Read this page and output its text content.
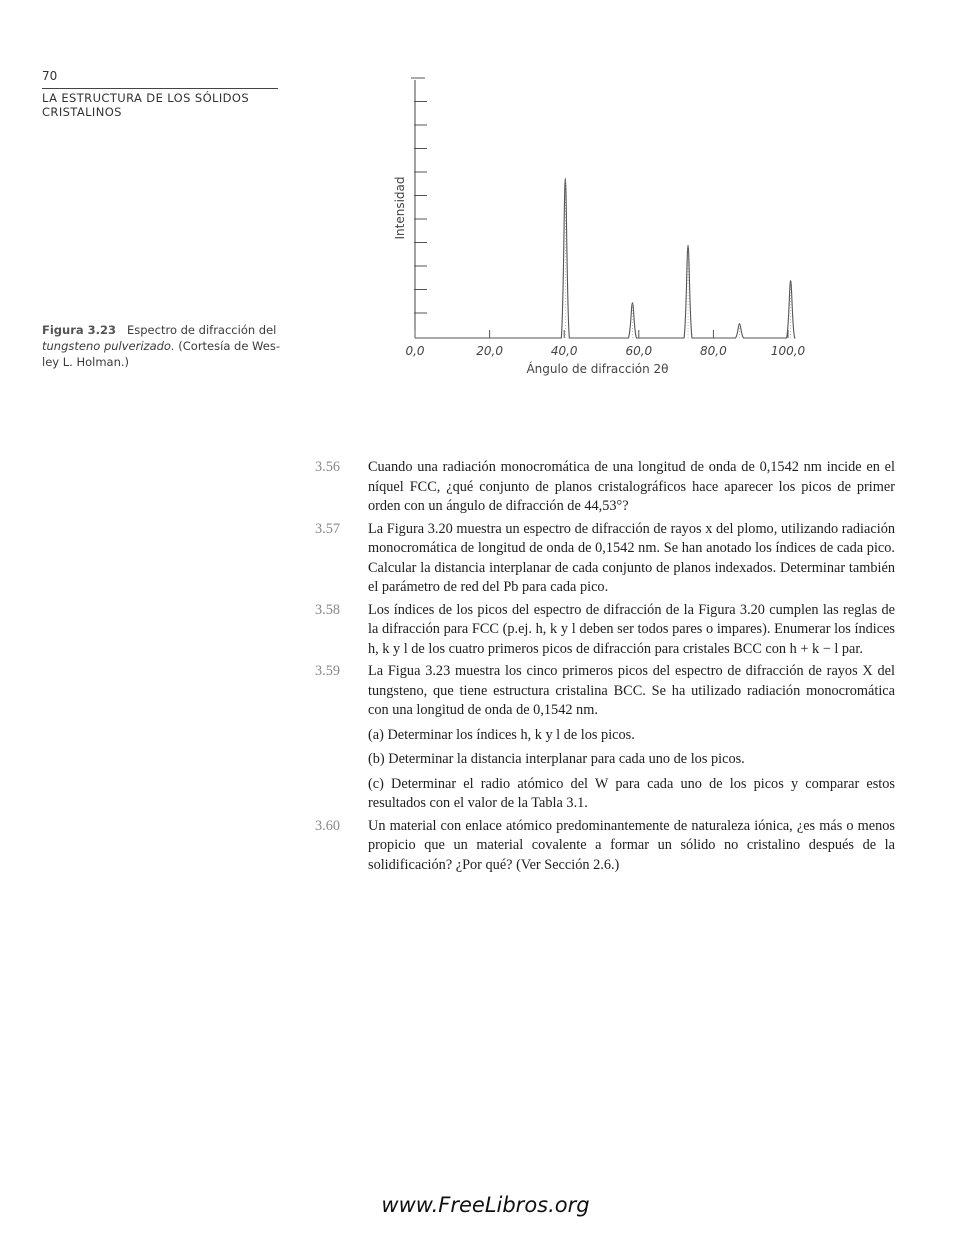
70
LA ESTRUCTURA DE LOS SÓLIDOS
CRISTALINOS
Figura 3.23 Espectro de difracción del tungsteno pulverizado. (Cortesía de Wes- ley L. Holman.)
Intensidad
0,0	20,0	40,0	60,0	80,0	100,0
Ángulo de difracción 2θ
3.56	Cuando una radiación monocromática de una longitud de onda de 0,1542 nm incide en el níquel FCC, ¿qué conjunto de planos cristalográficos hace aparecer los picos de primer orden con un ángulo de difracción de 44,53°?
3.57	La Figura 3.20 muestra un espectro de difracción de rayos x del plomo, utilizando radiación monocromática de longitud de onda de 0,1542 nm. Se han anotado los índices de cada pico. Calcular la distancia interplanar de cada conjunto de planos indexados. Determinar también el parámetro de red del Pb para cada pico.
3.58	Los índices de los picos del espectro de difracción de la Figura 3.20 cumplen las reglas de la difracción para FCC (p.ej. h, k y l deben ser todos pares o impares). Enumerar los índices h, k y l de los cuatro primeros picos de difracción para cristales BCC con h + k − l par.
3.59	La Figua 3.23 muestra los cinco primeros picos del espectro de difracción de rayos X del tungsteno, que tiene estructura cristalina BCC. Se ha utilizado radiación monocromática con una longitud de onda de 0,1542 nm.
(a) Determinar los índices h, k y l de los picos.
(b) Determinar la distancia interplanar para cada uno de los picos.
(c) Determinar el radio atómico del W para cada uno de los picos y comparar estos resultados con el valor de la Tabla 3.1.
3.60	Un material con enlace atómico predominantemente de naturaleza iónica, ¿es más o menos propicio que un material covalente a formar un sólido no cristalino después de la solidificación? ¿Por qué? (Ver Sección 2.6.)
www.FreeLibros.org
